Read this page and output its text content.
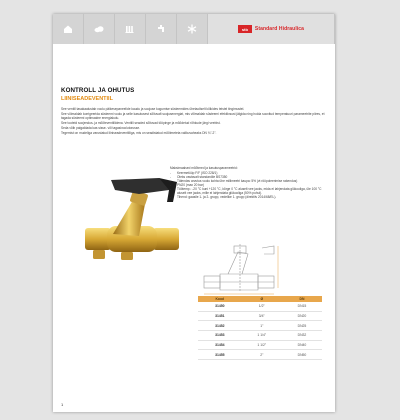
stb	Standard Hidraulica
KONTROLL JA OHUTUS
LIINISEADEVENTIIL

See ventiil tasakaalustab voolu päikesepaneelide kaudu ja soojuse kogumise süsteemides ühetaoliselt kõikides teistel tingimustel.

See võimaldab korrigeerida süsteemi voolu ja selle kasutusest sõltuvalt soojusenergiat, mis võimaldab süsteemi efektiivsust jälgida ning hoida soovitud temperatuuri parameetrite piires, et tagada süsteemi optimaalne energiakulu.

See tooteid soojendus- ja mõõteventiilidena. Ventiili seaded sõltuvad tööpinge ja mõõdetud rõhkude järgi veebist.

Seda võib paigaldada kas sisse- või tagasivoolutorusse.

Tegemist on mudeliga varustatud liiniseadeventiiliga, mis on seadistatud mõõtmeteta valikuvaheaks DN ¾"-2".

Maksimaalsed mõõtmed ja kasutusparameetrid:
-	Keermetüüp F/F (ISO 228/1)
-	Oleks vastavalt standardile BS7350
-	Täiendav arvutus voolu kohta ühe millimeetri kaupa: 5% (vt rööpoleerimise rakendus)
-	PN20 (max 20 bar)
-	Töötemp.: -20 °C kuni +120 °C, kõrge 0 °C aluselt vee jaoks, mida ei lahjendata glükooliga, üle 100 °C aluselt vee jaoks, mille ei lahjendata glükooliga (50% puhul).
-	Tihend: gaasile 1- ja 2- grupp, vedelike 1. grupp (direktiiv 2014/68/EL).
Kood	Ø	DN
31450	1/2"	DN15
31451	3/4"	DN20
31452	1"	DN25
31453	1 1/4"	DN32
31454	1 1/2"	DN40
31455	2"	DN50
1
